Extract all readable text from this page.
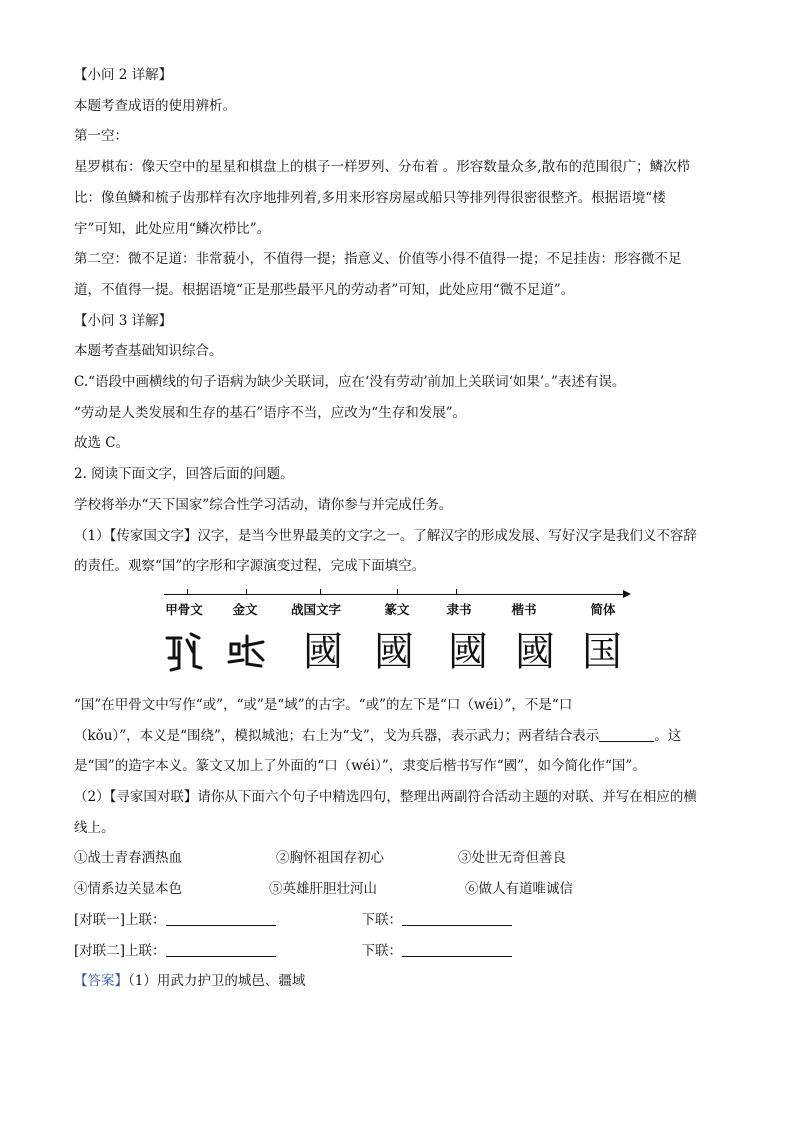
【小问 2 详解】

本题考查成语的使用辨析。

第一空：

星罗棋布：像天空中的星星和棋盘上的棋子一样罗列、分布着 。形容数量众多,散布的范围很广；鳞次栉

比：像鱼鳞和梳子齿那样有次序地排列着,多用来形容房屋或船只等排列得很密很整齐。根据语境“楼

宇”可知，此处应用“鳞次栉比”。

第二空：微不足道：非常藐小，不值得一提；指意义、价值等小得不值得一提；不足挂齿：形容微不足

道，不值得一提。根据语境“正是那些最平凡的劳动者”可知，此处应用“微不足道”。

【小问 3 详解】

本题考查基础知识综合。

C.“语段中画横线的句子语病为缺少关联词，应在‘没有劳动’前加上关联词‘如果’。”表述有误。

“劳动是人类发展和生存的基石”语序不当，应改为“生存和发展”。

故选 C。

2. 阅读下面文字，回答后面的问题。

学校将举办“天下国家”综合性学习活动，请你参与并完成任务。

（1）【传家国文字】汉字，是当今世界最美的文字之一。了解汉字的形成发展、写好汉字是我们义不容辞

的责任。观察“国”的字形和字源演变过程，完成下面填空。

甲骨文 金文	战国文字	篆文	隶书	楷书	简体
國 國 國 國 国

“国”在甲骨文中写作“或”，“或”是“域”的古字。“或”的左下是“口（wéi）”，不是“口

（kǒu）”，本义是“围绕”，模拟城池；右上为“戈”，戈为兵器，表示武力；两者结合表示	。这

是“国”的造字本义。篆文又加上了外面的“口（wéi）”，隶变后楷书写作“國”，如今简化作“国”。

（2）【寻家国对联】请你从下面六个句子中精选四句，整理出两副符合活动主题的对联、并写在相应的横

线上。

①战士青春洒热血	②胸怀祖国存初心	③处世无奇但善良

④情系边关显本色	⑤英雄肝胆壮河山	⑥做人有道唯诚信

[对联一]上联：	下联：

[对联二]上联：	下联：

【答案】（1）用武力护卫的城邑、疆域
